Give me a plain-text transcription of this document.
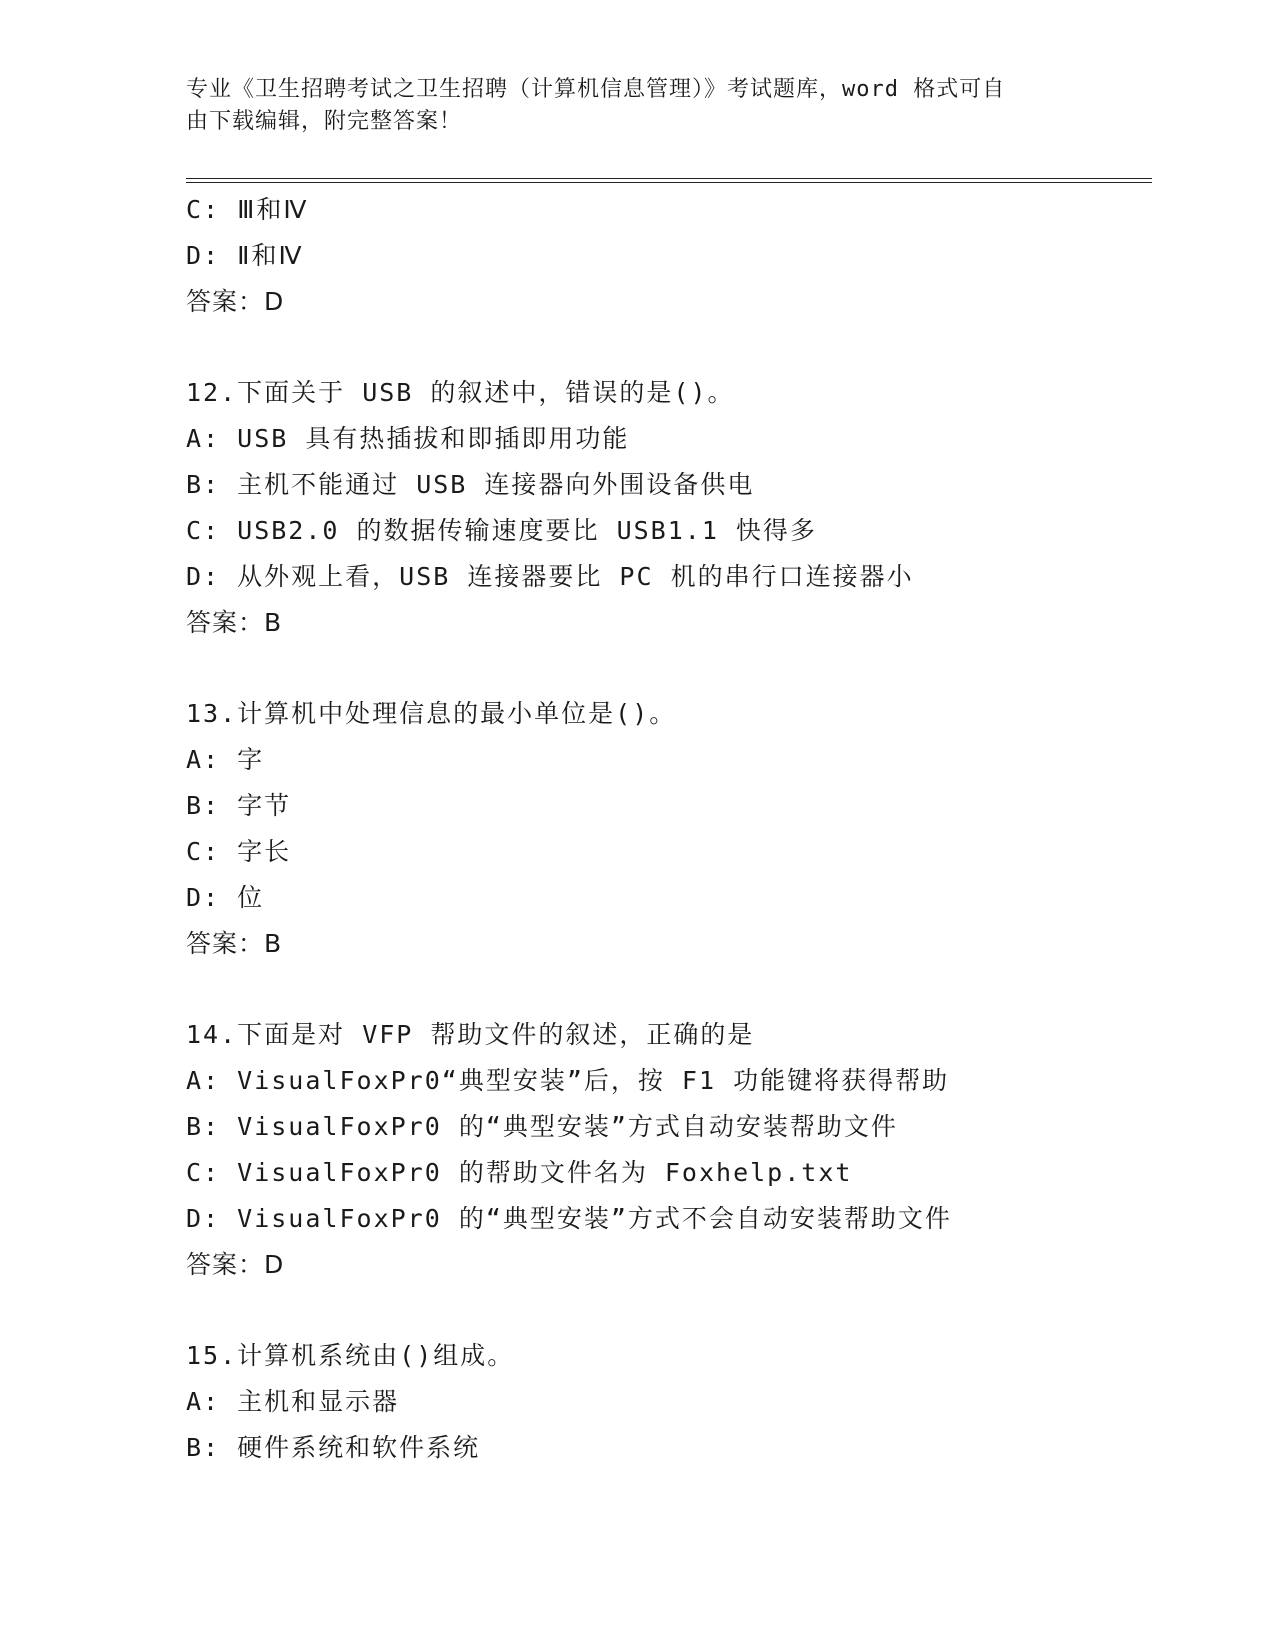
专业《卫生招聘考试之卫生招聘（计算机信息管理）》考试题库，word 格式可自
由下载编辑，附完整答案！
C: Ⅲ和Ⅳ
D: Ⅱ和Ⅳ
答案：D
12.下面关于 USB 的叙述中，错误的是()。
A: USB 具有热插拔和即插即用功能
B: 主机不能通过 USB 连接器向外围设备供电
C: USB2.0 的数据传输速度要比 USB1.1 快得多
D: 从外观上看，USB 连接器要比 PC 机的串行口连接器小
答案：B
13.计算机中处理信息的最小单位是()。
A: 字
B: 字节
C: 字长
D: 位
答案：B
14.下面是对 VFP 帮助文件的叙述，正确的是
A: VisualFoxPr0“典型安装”后，按 F1 功能键将获得帮助
B: VisualFoxPr0 的“典型安装”方式自动安装帮助文件
C: VisualFoxPr0 的帮助文件名为 Foxhelp.txt
D: VisualFoxPr0 的“典型安装”方式不会自动安装帮助文件
答案：D
15.计算机系统由()组成。
A: 主机和显示器
B: 硬件系统和软件系统
